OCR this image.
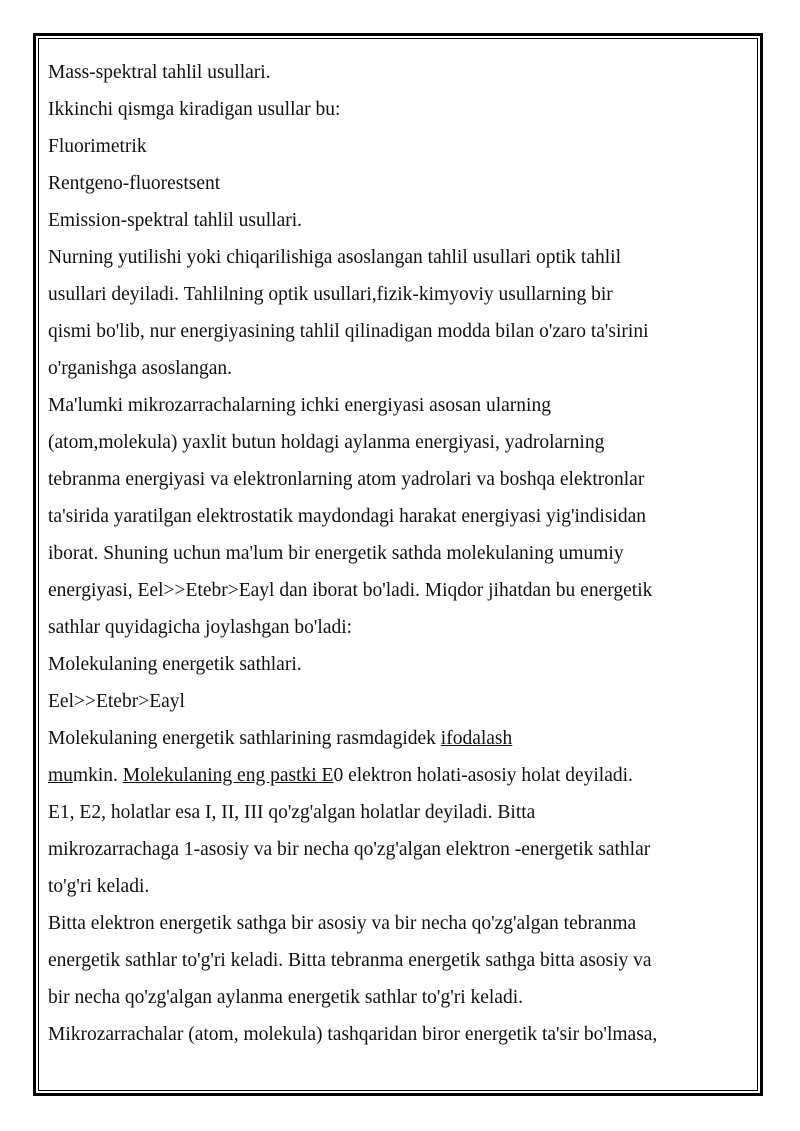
Mass-spektral tahlil usullari.
Ikkinchi qismga kiradigan usullar bu:
Fluorimetrik
Rentgeno-fluorestsent
Emission-spektral tahlil usullari.
Nurning yutilishi yoki chiqarilishiga asoslangan tahlil usullari optik tahlil
usullari deyiladi. Tahlilning optik usullari,fizik-kimyoviy usullarning bir
qismi bo'lib, nur energiyasining tahlil qilinadigan modda bilan o'zaro ta'sirini
o'rganishga asoslangan.
Ma'lumki mikrozarrachalarning ichki energiyasi asosan ularning
(atom,molekula) yaxlit butun holdagi aylanma energiyasi, yadrolarning
tebranma energiyasi va elektronlarning atom yadrolari va boshqa elektronlar
ta'sirida yaratilgan elektrostatik maydondagi harakat energiyasi yig'indisidan
iborat. Shuning uchun ma'lum bir energetik sathda molekulaning umumiy
energiyasi, Eel>>Etebr>Eayl dan iborat bo'ladi. Miqdor jihatdan bu energetik
sathlar quyidagicha joylashgan bo'ladi:
Molekulaning energetik sathlari.
Eel>>Etebr>Eayl
Molekulaning energetik sathlarining rasmdagidek ifodalash
mumkin. Molekulaning eng pastki E0 elektron holati-asosiy holat deyiladi.
E1, E2, holatlar esa I, II, III qo'zg'algan holatlar deyiladi. Bitta
mikrozarrachaga 1-asosiy va bir necha qo'zg'algan elektron -energetik sathlar
to'g'ri keladi.
Bitta elektron energetik sathga bir asosiy va bir necha qo'zg'algan tebranma
energetik sathlar to'g'ri keladi. Bitta tebranma energetik sathga bitta asosiy va
bir necha qo'zg'algan aylanma energetik sathlar to'g'ri keladi.
Mikrozarrachalar (atom, molekula) tashqaridan biror energetik ta'sir bo'lmasa,
